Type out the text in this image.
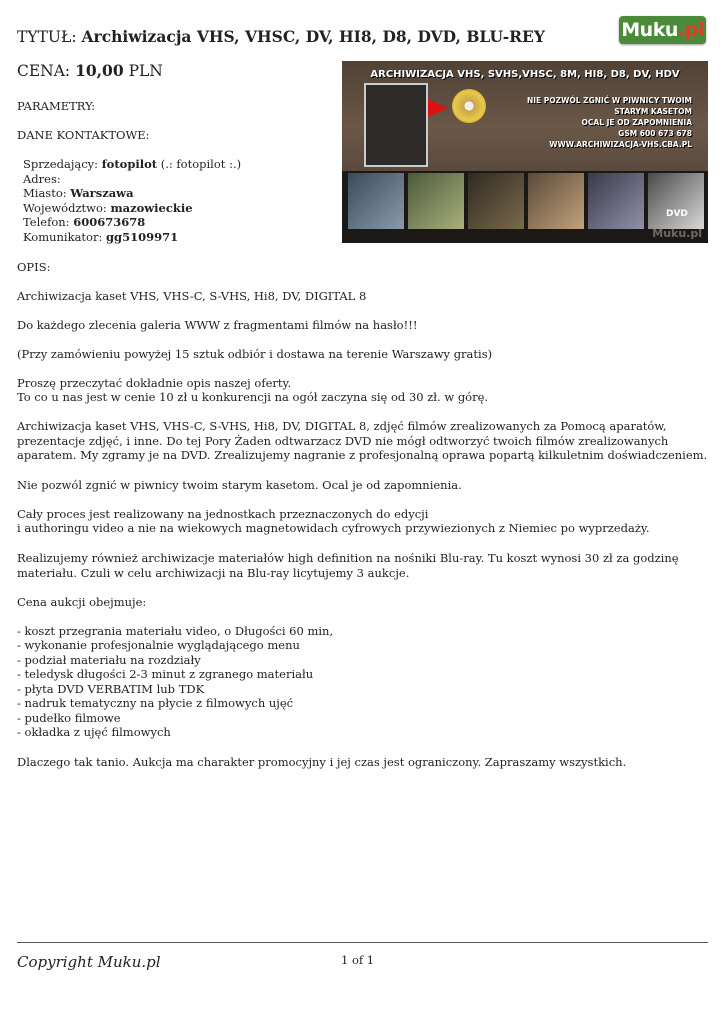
TYTUŁ: Archiwizacja VHS, VHSC, DV, HI8, D8, DVD, BLU-REY	Muku .pl
CENA: 10,00 PLN	ARCHIWIZACJA VHS, SVHS,VHSC, 8M, HI8, D8, DV, HDV
NIE POZWÓL ZGNIĆ W PIWNICY TWOIM
STARYM KASETOM
OCAL JE OD ZAPOMNIENIA
GSM 600 673 678
WWW.ARCHIWIZACJA-VHS.CBA.PL
DVD
Muku.pl
PARAMETRY:
DANE KONTAKTOWE:
Sprzedający: fotopilot (.: fotopilot :.)
Adres:
Miasto: Warszawa
Województwo: mazowieckie
Telefon: 600673678
Komunikator: gg5109971
OPIS:
Archiwizacja kaset VHS, VHS-C, S-VHS, Hi8, DV, DIGITAL 8
Do każdego zlecenia galeria WWW z fragmentami filmów na hasło!!!
(Przy zamówieniu powyżej 15 sztuk odbiór i dostawa na terenie Warszawy gratis)
Proszę przeczytać dokładnie opis naszej oferty.
To co u nas jest w cenie 10 zł u konkurencji na ogół zaczyna się od 30 zł. w górę.
Archiwizacja kaset VHS, VHS-C, S-VHS, Hi8, DV, DIGITAL 8, zdjęć filmów zrealizowanych za Pomocą aparatów, prezentacje zdjęć, i inne. Do tej Pory Żaden odtwarzacz DVD nie mógł odtworzyć twoich filmów zrealizowanych aparatem. My zgramy je na DVD. Zrealizujemy nagranie z profesjonalną oprawa popartą kilkuletnim doświadczeniem.
Nie pozwól zgnić w piwnicy twoim starym kasetom. Ocal je od zapomnienia.
Cały proces jest realizowany na jednostkach przeznaczonych do edycji
i authoringu video a nie na wiekowych magnetowidach cyfrowych przywiezionych z Niemiec po wyprzedaży.
Realizujemy również archiwizacje materiałów high definition na nośniki Blu-ray. Tu koszt wynosi 30 zł za godzinę materiału. Czuli w celu archiwizacji na Blu-ray licytujemy 3 aukcje.
Cena aukcji obejmuje:
- koszt przegrania materiału video, o Długości 60 min,
- wykonanie profesjonalnie wyglądającego menu
- podział materiału na rozdziały
- teledysk długości 2-3 minut z zgranego materiału
- płyta DVD VERBATIM lub TDK
- nadruk tematyczny na płycie z filmowych ujęć
- pudełko filmowe
- okładka z ujęć filmowych
Dlaczego tak tanio. Aukcja ma charakter promocyjny i jej czas jest ograniczony. Zapraszamy wszystkich.
Copyright Muku.pl	1 of 1
